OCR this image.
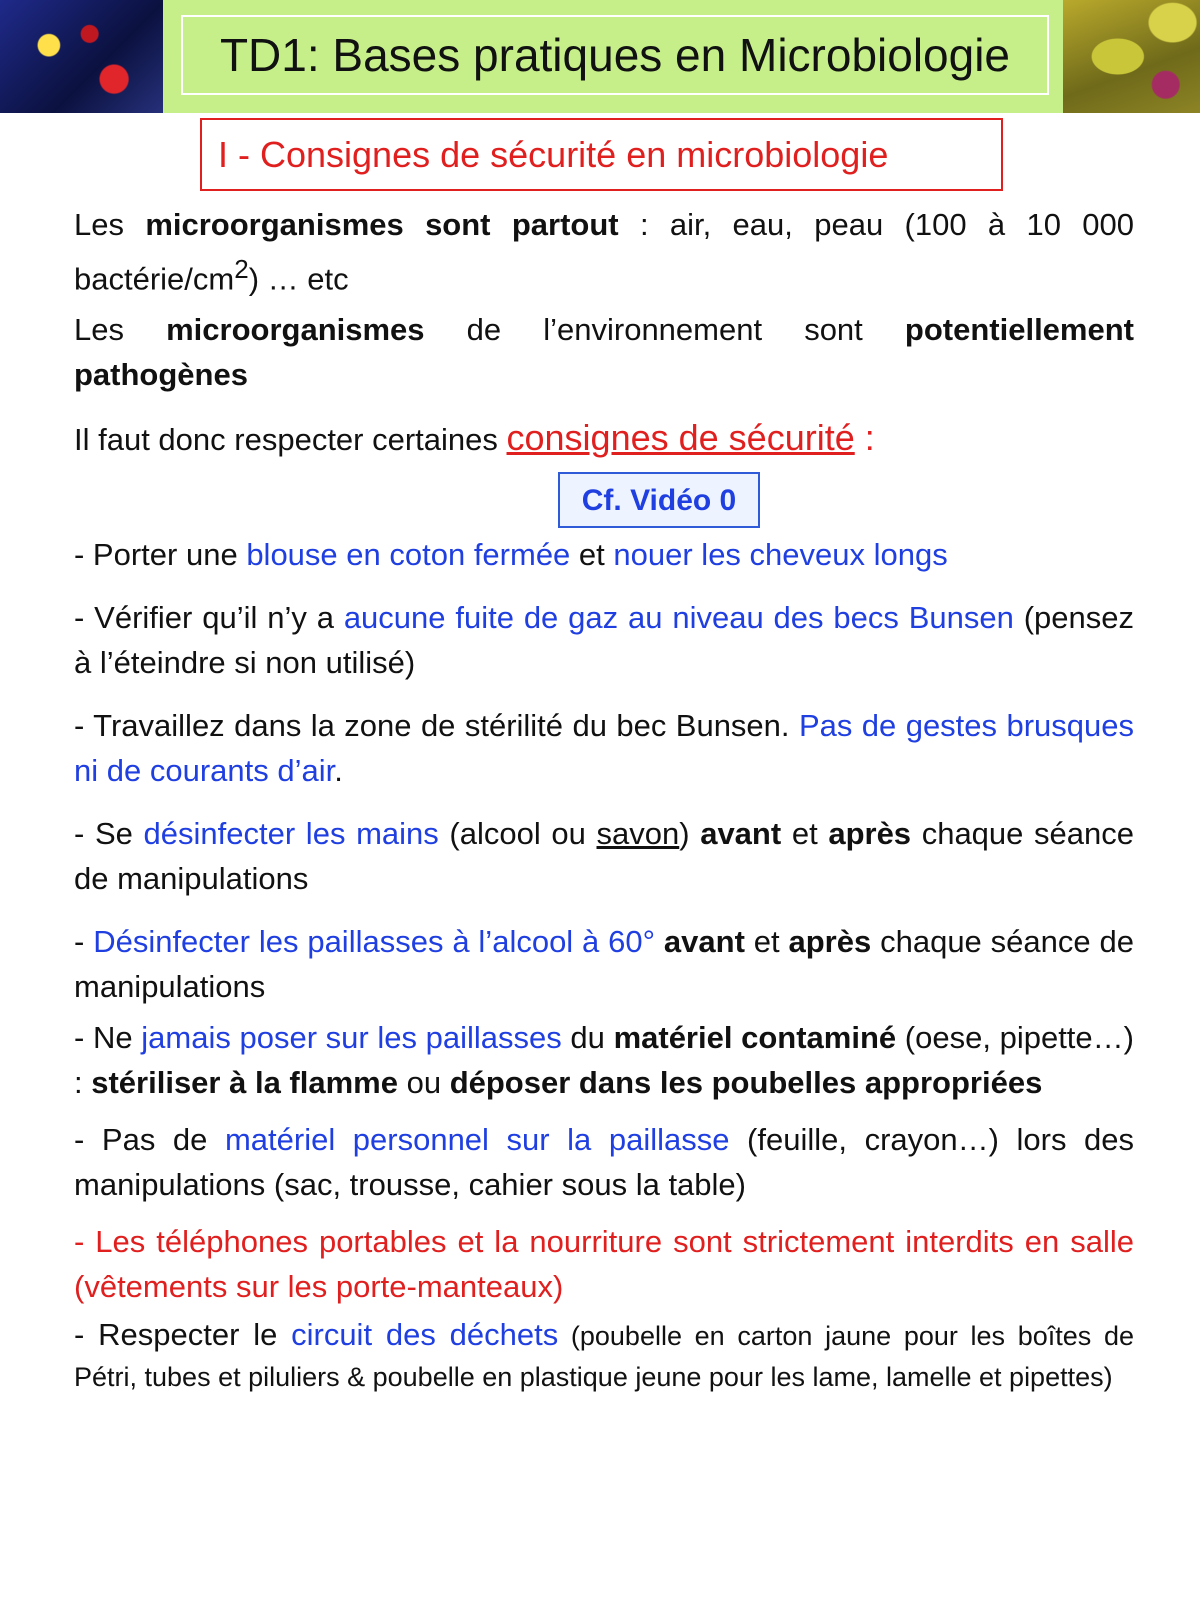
TD1: Bases pratiques en Microbiologie
I - Consignes de sécurité en microbiologie

Les microorganismes sont partout : air, eau, peau (100 à 10 000 bactérie/$cm^2$) … etc

Les microorganismes de l’environnement sont potentiellement pathogènes

Il faut donc respecter certaines consignes de sécurité :

Cf. Vidéo 0

- Porter une blouse en coton fermée et nouer les cheveux longs

- Vérifier qu’il n’y a aucune fuite de gaz au niveau des becs Bunsen (pensez à l’éteindre si non utilisé)

- Travaillez dans la zone de stérilité du bec Bunsen. Pas de gestes brusques ni de courants d’air.

- Se désinfecter les mains (alcool ou savon) avant et après chaque séance de manipulations

- Désinfecter les paillasses à l’alcool à 60° avant et après chaque séance de manipulations

- Ne jamais poser sur les paillasses du matériel contaminé (oese, pipette…) : stériliser à la flamme ou déposer dans les poubelles appropriées

- Pas de matériel personnel sur la paillasse (feuille, crayon…) lors des manipulations (sac, trousse, cahier sous la table)

- Les téléphones portables et la nourriture sont strictement interdits en salle (vêtements sur les porte-manteaux)

- Respecter le circuit des déchets (poubelle en carton jaune pour les boîtes de Pétri, tubes et piluliers & poubelle en plastique jeune pour les lame, lamelle et pipettes)
